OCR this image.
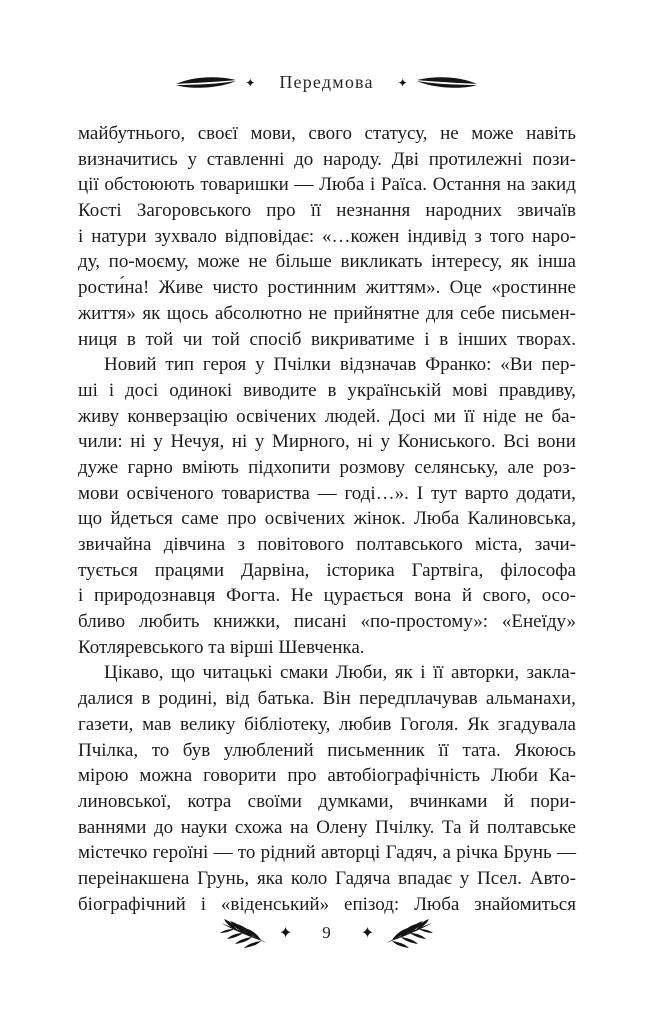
✦ Передмова ✦
майбутнього, своєї мови, свого статусу, не може навіть
визначитись у ставленні до народу. Дві протилежні пози-
ції обстоюють товаришки — Люба і Раїса. Остання на закид
Кості Загоровського про її незнання народних звичаїв
і натури зухвало відповідає: «…кожен індивід з того наро-
ду, по-моєму, може не більше викликать інтересу, як інша
рости́на! Живе чисто ростинним життям». Оце «ростинне
життя» як щось абсолютно не прийнятне для себе письмен-
ниця в той чи той спосіб викриватиме і в інших творах.
Новий тип героя у Пчілки відзначав Франко: «Ви пер-
ші і досі одинокі виводите в українській мові правдиву,
живу конверзацію освічених людей. Досі ми її ніде не ба-
чили: ні у Нечуя, ні у Мирного, ні у Кониського. Всі вони
дуже гарно вміють підхопити розмову селянську, але роз-
мови освіченого товариства — годі…». І тут варто додати,
що йдеться саме про освічених жінок. Люба Калиновська,
звичайна дівчина з повітового полтавського міста, зачи-
тується працями Дарвіна, історика Гартвіга, філософа
і природознавця Фогта. Не цурається вона й свого, осо-
бливо любить книжки, писані «по-простому»: «Енеїду»
Котляревського та вірші Шевченка.
Цікаво, що читацькі смаки Люби, як і її авторки, закла-
далися в родині, від батька. Він передплачував альманахи,
газети, мав велику бібліотеку, любив Гоголя. Як згадувала
Пчілка, то був улюблений письменник її тата. Якоюсь
мірою можна говорити про автобіографічність Люби Ка-
линовської, котра своїми думками, вчинками й пори-
ваннями до науки схожа на Олену Пчілку. Та й полтавське
містечко героїні — то рідний авторці Гадяч, а річка Брунь —
переінакшена Грунь, яка коло Гадяча впадає у Псел. Авто-
біографічний і «віденський» епізод: Люба знайомиться
✦ 9 ✦
